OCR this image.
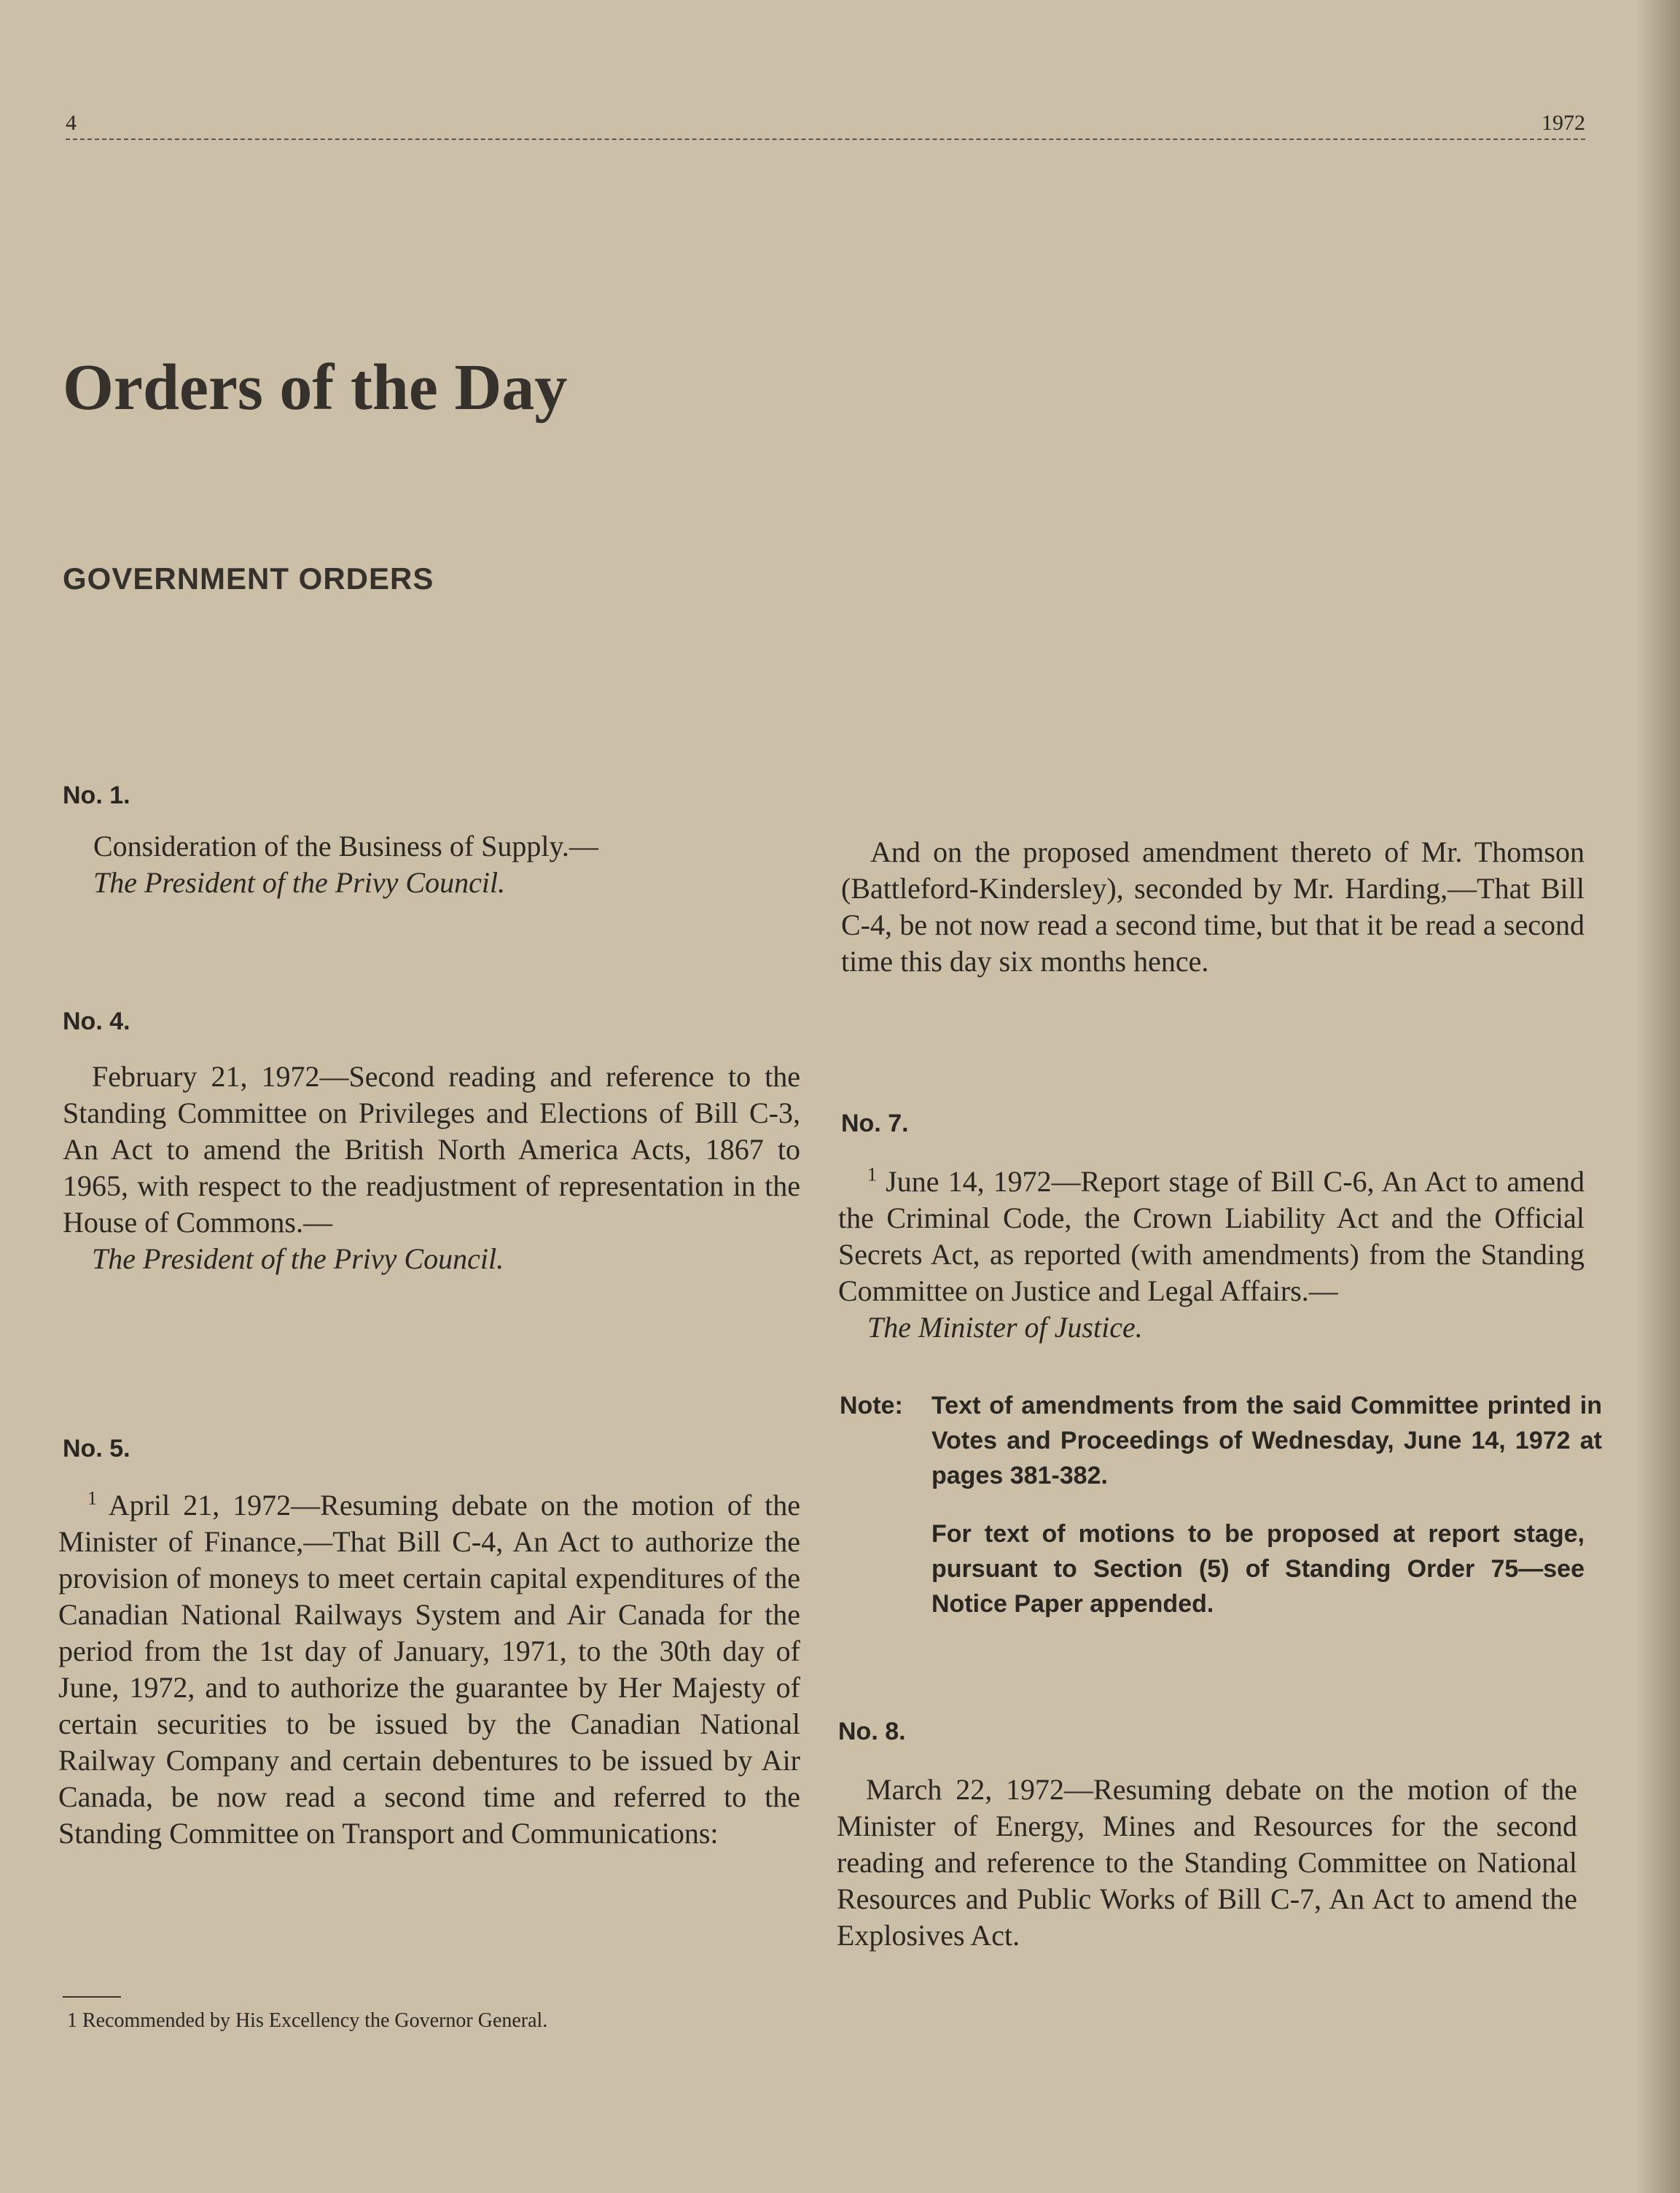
4	1972
Orders of the Day
GOVERNMENT ORDERS
No. 1.

Consideration of the Business of Supply.—
The President of the Privy Council.

No. 4.

February 21, 1972—Second reading and reference to the Standing Committee on Privileges and Elections of Bill C-3, An Act to amend the British North America Acts, 1867 to 1965, with respect to the readjustment of representation in the House of Commons.—
The President of the Privy Council.

No. 5.

$^1$ April 21, 1972—Resuming debate on the motion of the Minister of Finance,—That Bill C-4, An Act to authorize the provision of moneys to meet certain capital expenditures of the Canadian National Railways System and Air Canada for the period from the 1st day of January, 1971, to the 30th day of June, 1972, and to authorize the guarantee by Her Majesty of certain securities to be issued by the Canadian National Railway Company and certain debentures to be issued by Air Canada, be now read a second time and referred to the Standing Committee on Transport and Communications:

1 Recommended by His Excellency the Governor General.

And on the proposed amendment thereto of Mr. Thomson (Battleford-Kindersley), seconded by Mr. Harding,—That Bill C-4, be not now read a second time, but that it be read a second time this day six months hence.

No. 7.

$^1$ June 14, 1972—Report stage of Bill C-6, An Act to amend the Criminal Code, the Crown Liability Act and the Official Secrets Act, as reported (with amendments) from the Standing Committee on Justice and Legal Affairs.—
The Minister of Justice.

Note: Text of amendments from the said Committee printed in Votes and Proceedings of Wednesday, June 14, 1972 at pages 381-382.
For text of motions to be proposed at report stage, pursuant to Section (5) of Standing Order 75—see Notice Paper appended.
No. 8.

March 22, 1972—Resuming debate on the motion of the Minister of Energy, Mines and Resources for the second reading and reference to the Standing Committee on National Resources and Public Works of Bill C-7, An Act to amend the Explosives Act.
